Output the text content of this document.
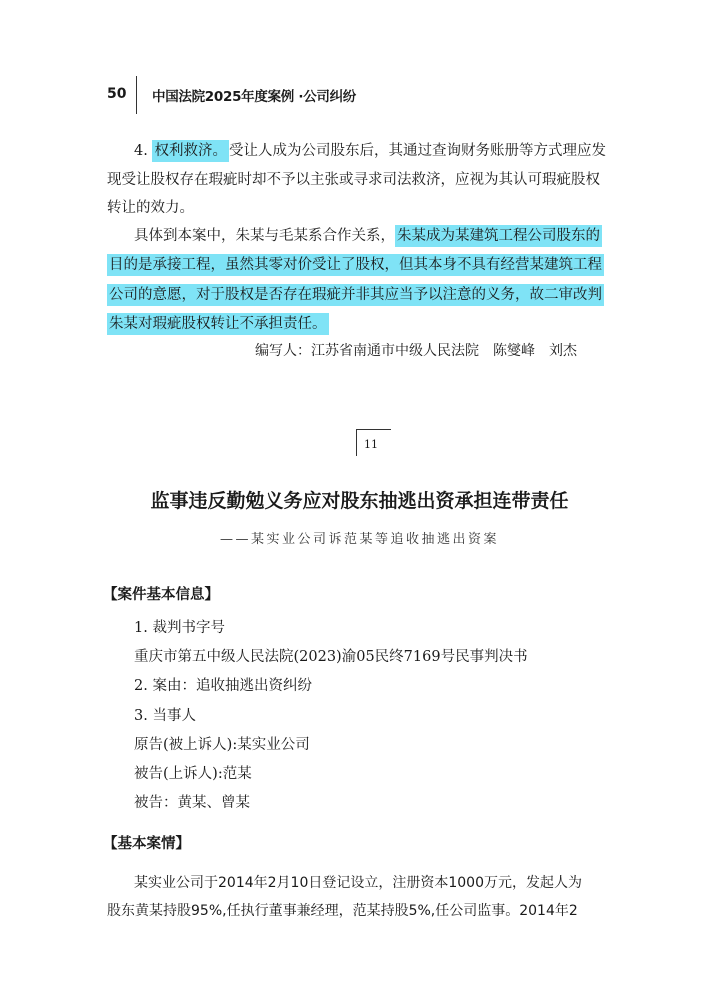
50 中国法院2025年度案例 ·公司纠纷
4. 权利救济。 受让人成为公司股东后，其通过查询财务账册等方式理应发
现受让股权存在瑕疵时却不予以主张或寻求司法救济，应视为其认可瑕疵股权
转让的效力。
具体到本案中，朱某与毛某系合作关系， 朱某成为某建筑工程公司股东的
目的是承接工程，虽然其零对价受让了股权，但其本身不具有经营某建筑工程
公司的意愿，对于股权是否存在瑕疵并非其应当予以注意的义务，故二审改判
朱某对瑕疵股权转让不承担责任。
编写人：江苏省南通市中级人民法院　陈燮峰　刘杰
11
监事违反勤勉义务应对股东抽逃出资承担连带责任
——某实业公司诉范某等追收抽逃出资案
【案件基本信息】
1. 裁判书字号
重庆市第五中级人民法院(2023)渝05民终7169号民事判决书
2. 案由：追收抽逃出资纠纷
3. 当事人
原告(被上诉人):某实业公司
被告(上诉人):范某
被告：黄某、曾某
【基本案情】
某实业公司于2014年2月10日登记设立，注册资本1000万元，发起人为
股东黄某持股95%,任执行董事兼经理，范某持股5%,任公司监事。2014年2
